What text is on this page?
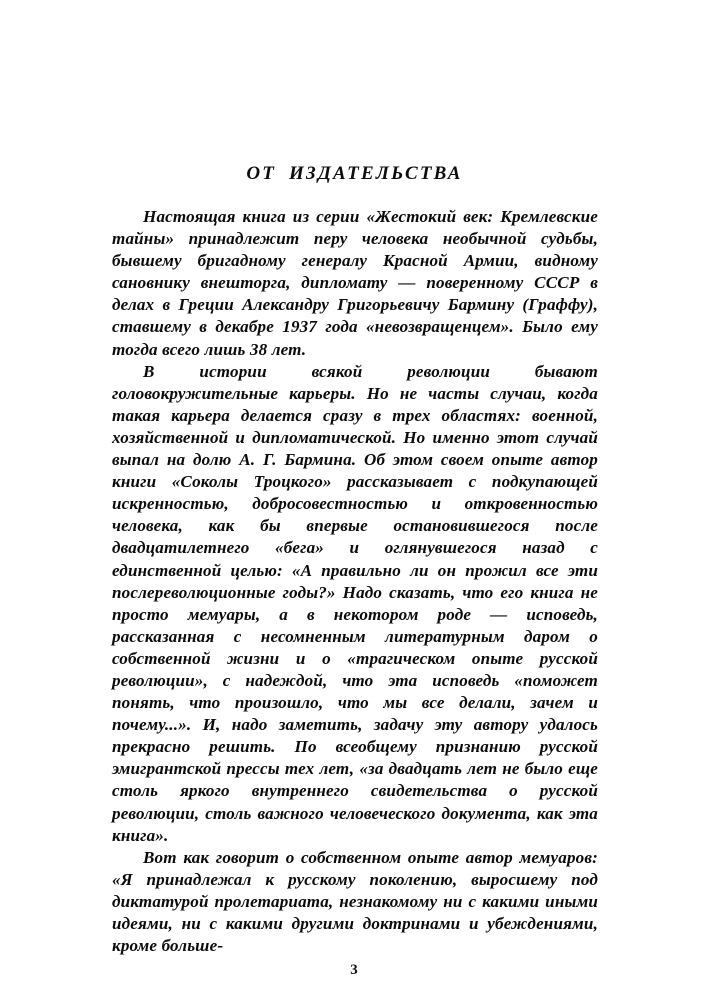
ОТ ИЗДАТЕЛЬСТВА

Настоящая книга из серии «Жестокий век: Кремлевские тайны» принадлежит перу человека необычной судьбы, бывшему бригадному генералу Красной Армии, видному сановнику внешторга, дипломату — поверенному СССР в делах в Греции Александру Григорьевичу Бармину (Граффу), ставшему в декабре 1937 года «невозвращенцем». Было ему тогда всего лишь 38 лет.

В истории всякой революции бывают головокружительные карьеры. Но не часты случаи, когда такая карьера делается сразу в трех областях: военной, хозяйственной и дипломатической. Но именно этот случай выпал на долю А. Г. Бармина. Об этом своем опыте автор книги «Соколы Троцкого» рассказывает с подкупающей искренностью, добросовестностью и откровенностью человека, как бы впервые остановившегося после двадцатилетнего «бега» и оглянувшегося назад с единственной целью: «А правильно ли он прожил все эти послереволюционные годы?» Надо сказать, что его книга не просто мемуары, а в некотором роде — исповедь, рассказанная с несомненным литературным даром о собственной жизни и о «трагическом опыте русской революции», с надеждой, что эта исповедь «поможет понять, что произошло, что мы все делали, зачем и почему...». И, надо заметить, задачу эту автору удалось прекрасно решить. По всеобщему признанию русской эмигрантской прессы тех лет, «за двадцать лет не было еще столь яркого внутреннего свидетельства о русской революции, столь важного человеческого документа, как эта книга».

Вот как говорит о собственном опыте автор мемуаров: «Я принадлежал к русскому поколению, выросшему под диктатурой пролетариата, незнакомому ни с какими иными идеями, ни с какими другими доктринами и убеждениями, кроме больше-

3
